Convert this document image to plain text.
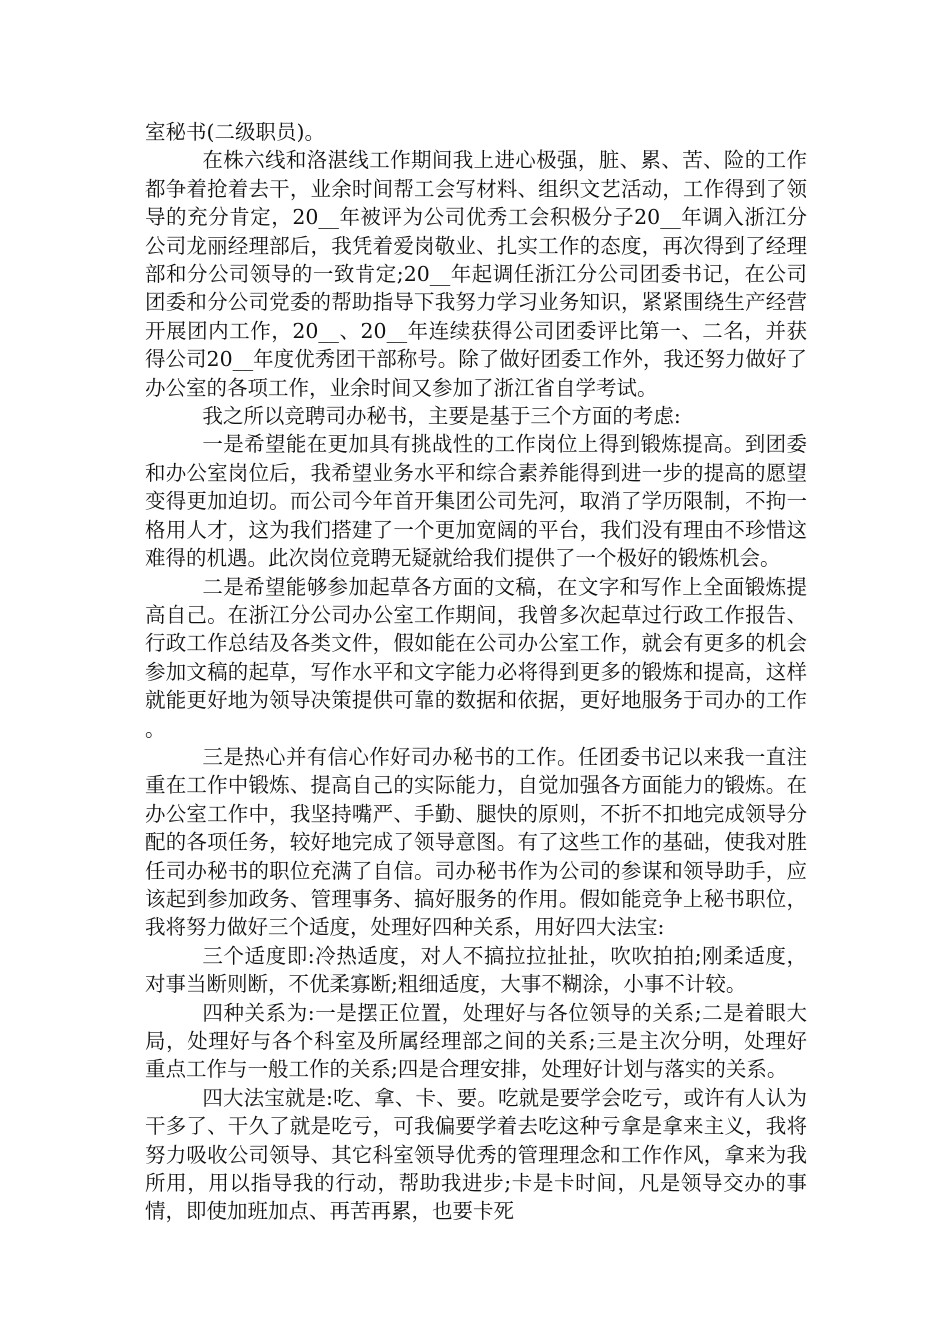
室秘书(二级职员)。

在株六线和洛湛线工作期间我上进心极强，脏、累、苦、险的工作都争着抢着去干，业余时间帮工会写材料、组织文艺活动，工作得到了领导的充分肯定，20__年被评为公司优秀工会积极分子20__年调入浙江分公司龙丽经理部后，我凭着爱岗敬业、扎实工作的态度，再次得到了经理部和分公司领导的一致肯定;20__年起调任浙江分公司团委书记，在公司团委和分公司党委的帮助指导下我努力学习业务知识，紧紧围绕生产经营开展团内工作，20__、20__年连续获得公司团委评比第一、二名，并获得公司20__年度优秀团干部称号。除了做好团委工作外，我还努力做好了办公室的各项工作，业余时间又参加了浙江省自学考试。

我之所以竞聘司办秘书，主要是基于三个方面的考虑:

一是希望能在更加具有挑战性的工作岗位上得到锻炼提高。到团委和办公室岗位后，我希望业务水平和综合素养能得到进一步的提高的愿望变得更加迫切。而公司今年首开集团公司先河，取消了学历限制，不拘一格用人才，这为我们搭建了一个更加宽阔的平台，我们没有理由不珍惜这难得的机遇。此次岗位竞聘无疑就给我们提供了一个极好的锻炼机会。

二是希望能够参加起草各方面的文稿，在文字和写作上全面锻炼提高自己。在浙江分公司办公室工作期间，我曾多次起草过行政工作报告、行政工作总结及各类文件，假如能在公司办公室工作，就会有更多的机会参加文稿的起草，写作水平和文字能力必将得到更多的锻炼和提高，这样就能更好地为领导决策提供可靠的数据和依据，更好地服务于司办的工作。

三是热心并有信心作好司办秘书的工作。任团委书记以来我一直注重在工作中锻炼、提高自己的实际能力，自觉加强各方面能力的锻炼。在办公室工作中，我坚持嘴严、手勤、腿快的原则，不折不扣地完成领导分配的各项任务，较好地完成了领导意图。有了这些工作的基础，使我对胜任司办秘书的职位充满了自信。司办秘书作为公司的参谋和领导助手，应该起到参加政务、管理事务、搞好服务的作用。假如能竞争上秘书职位，我将努力做好三个适度，处理好四种关系，用好四大法宝:

三个适度即:冷热适度，对人不搞拉拉扯扯，吹吹拍拍;刚柔适度，对事当断则断，不优柔寡断;粗细适度，大事不糊涂，小事不计较。

四种关系为:一是摆正位置，处理好与各位领导的关系;二是着眼大局，处理好与各个科室及所属经理部之间的关系;三是主次分明，处理好重点工作与一般工作的关系;四是合理安排，处理好计划与落实的关系。

四大法宝就是:吃、拿、卡、要。吃就是要学会吃亏，或许有人认为干多了、干久了就是吃亏，可我偏要学着去吃这种亏拿是拿来主义，我将努力吸收公司领导、其它科室领导优秀的管理理念和工作作风，拿来为我所用，用以指导我的行动，帮助我进步;卡是卡时间，凡是领导交办的事情，即使加班加点、再苦再累，也要卡死
